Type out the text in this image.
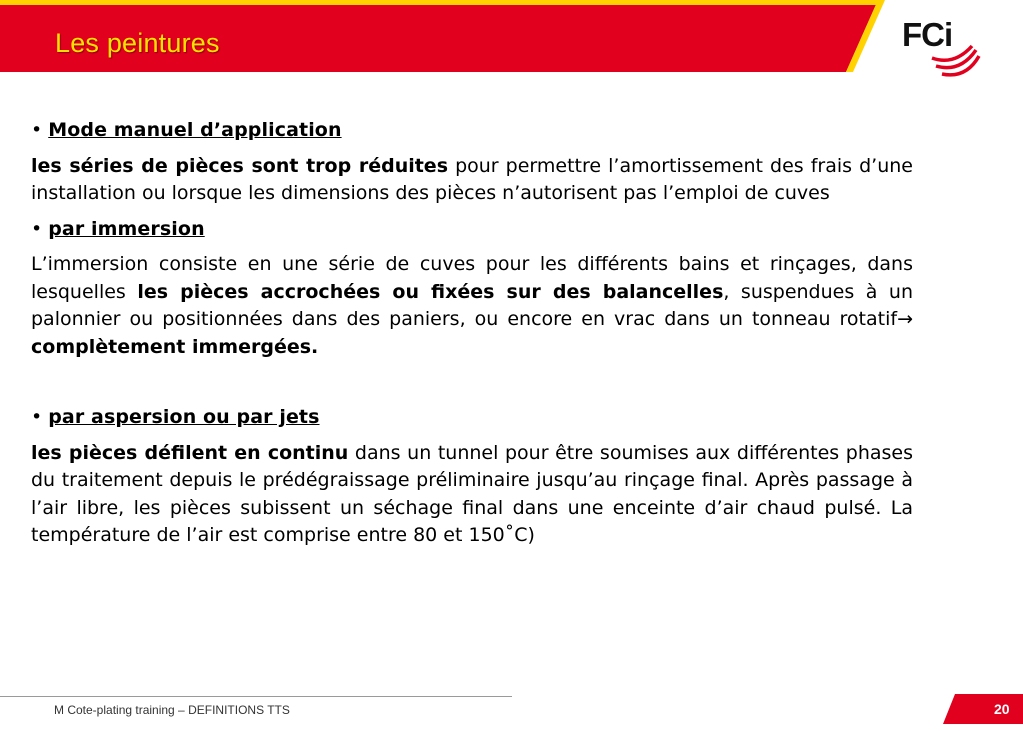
Les peintures	FCi

• Mode manuel d’application

les séries de pièces sont trop réduites pour permettre l’amortissement des frais d’une installation ou lorsque les dimensions des pièces n’autorisent pas l’emploi de cuves

• par immersion

L’immersion consiste en une série de cuves pour les différents bains et rinçages, dans lesquelles les pièces accrochées ou fixées sur des balancelles, suspendues à un palonnier ou positionnées dans des paniers, ou encore en vrac dans un tonneau rotatif→ complètement immergées.

• par aspersion ou par jets

les pièces défilent en continu dans un tunnel pour être soumises aux différentes phases du traitement depuis le prédégraissage préliminaire jusqu’au rinçage final. Après passage à l’air libre, les pièces subissent un séchage final dans une enceinte d’air chaud pulsé. La température de l’air est comprise entre 80 et 150˚C)

M Cote-plating training – DEFINITIONS TTS	20
